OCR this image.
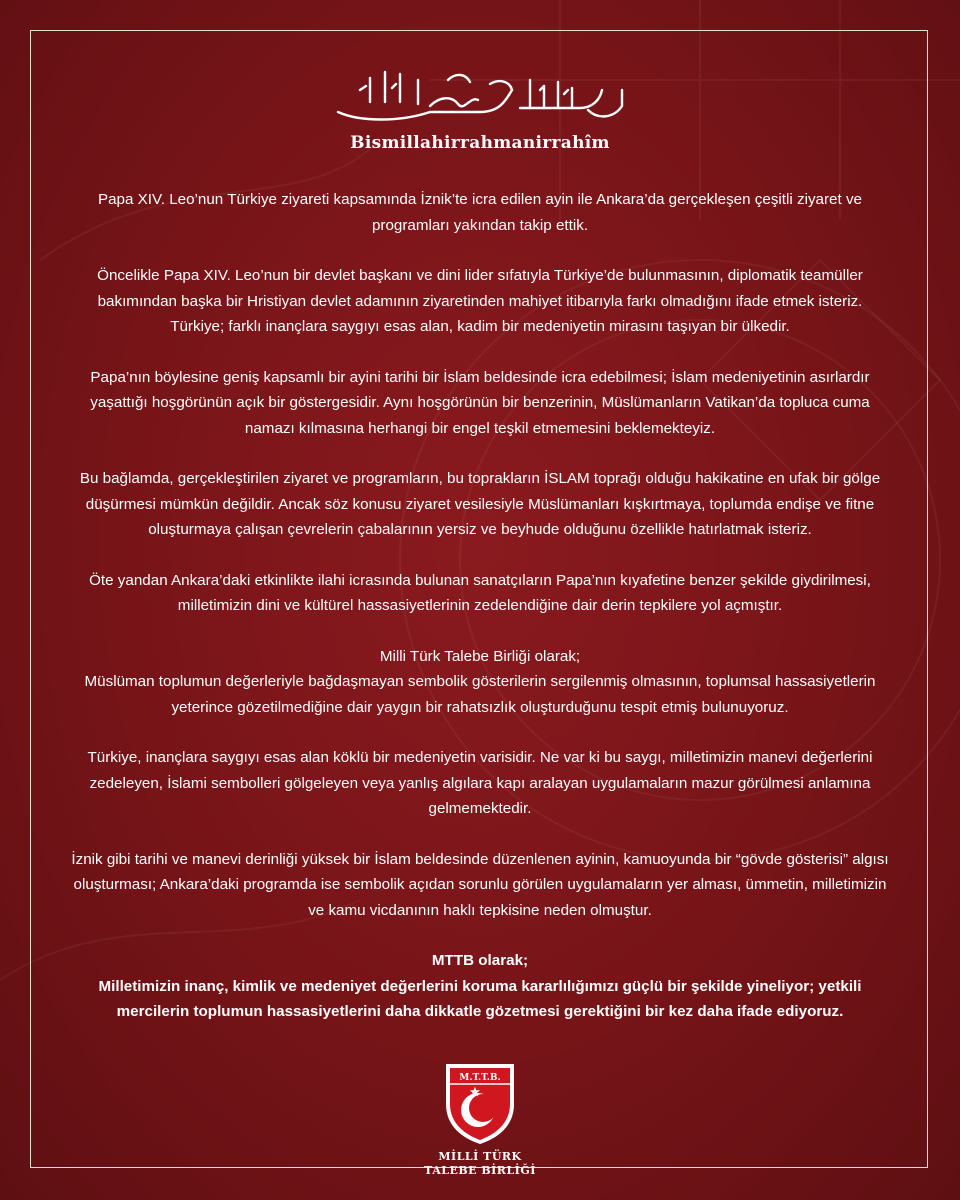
Bismillahirrahmanirrahîm

Papa XIV. Leo’nun Türkiye ziyareti kapsamında İznik’te icra edilen ayin ile Ankara’da gerçekleşen çeşitli ziyaret ve programları yakından takip ettik.

Öncelikle Papa XIV. Leo’nun bir devlet başkanı ve dini lider sıfatıyla Türkiye’de bulunmasının, diplomatik teamüller bakımından başka bir Hristiyan devlet adamının ziyaretinden mahiyet itibarıyla farkı olmadığını ifade etmek isteriz. Türkiye; farklı inançlara saygıyı esas alan, kadim bir medeniyetin mirasını taşıyan bir ülkedir.

Papa’nın böylesine geniş kapsamlı bir ayini tarihi bir İslam beldesinde icra edebilmesi; İslam medeniyetinin asırlardır yaşattığı hoşgörünün açık bir göstergesidir. Aynı hoşgörünün bir benzerinin, Müslümanların Vatikan’da topluca cuma namazı kılmasına herhangi bir engel teşkil etmemesini beklemekteyiz.

Bu bağlamda, gerçekleştirilen ziyaret ve programların, bu toprakların İSLAM toprağı olduğu hakikatine en ufak bir gölge düşürmesi mümkün değildir. Ancak söz konusu ziyaret vesilesiyle Müslümanları kışkırtmaya, toplumda endişe ve fitne oluşturmaya çalışan çevrelerin çabalarının yersiz ve beyhude olduğunu özellikle hatırlatmak isteriz.

Öte yandan Ankara’daki etkinlikte ilahi icrasında bulunan sanatçıların Papa’nın kıyafetine benzer şekilde giydirilmesi, milletimizin dini ve kültürel hassasiyetlerinin zedelendiğine dair derin tepkilere yol açmıştır.

Milli Türk Talebe Birliği olarak;

Müslüman toplumun değerleriyle bağdaşmayan sembolik gösterilerin sergilenmiş olmasının, toplumsal hassasiyetlerin yeterince gözetilmediğine dair yaygın bir rahatsızlık oluşturduğunu tespit etmiş bulunuyoruz.

Türkiye, inançlara saygıyı esas alan köklü bir medeniyetin varisidir. Ne var ki bu saygı, milletimizin manevi değerlerini zedeleyen, İslami sembolleri gölgeleyen veya yanlış algılara kapı aralayan uygulamaların mazur görülmesi anlamına gelmemektedir.

İznik gibi tarihi ve manevi derinliği yüksek bir İslam beldesinde düzenlenen ayinin, kamuoyunda bir “gövde gösterisi” algısı oluşturması; Ankara’daki programda ise sembolik açıdan sorunlu görülen uygulamaların yer alması, ümmetin, milletimizin ve kamu vicdanının haklı tepkisine neden olmuştur.

MTTB olarak;

Milletimizin inanç, kimlik ve medeniyet değerlerini koruma kararlılığımızı güçlü bir şekilde yineliyor; yetkili mercilerin toplumun hassasiyetlerini daha dikkatle gözetmesi gerektiğini bir kez daha ifade ediyoruz.

M.T.T.B.
MİLLİ TÜRK
TALEBE BİRLİĞİ
